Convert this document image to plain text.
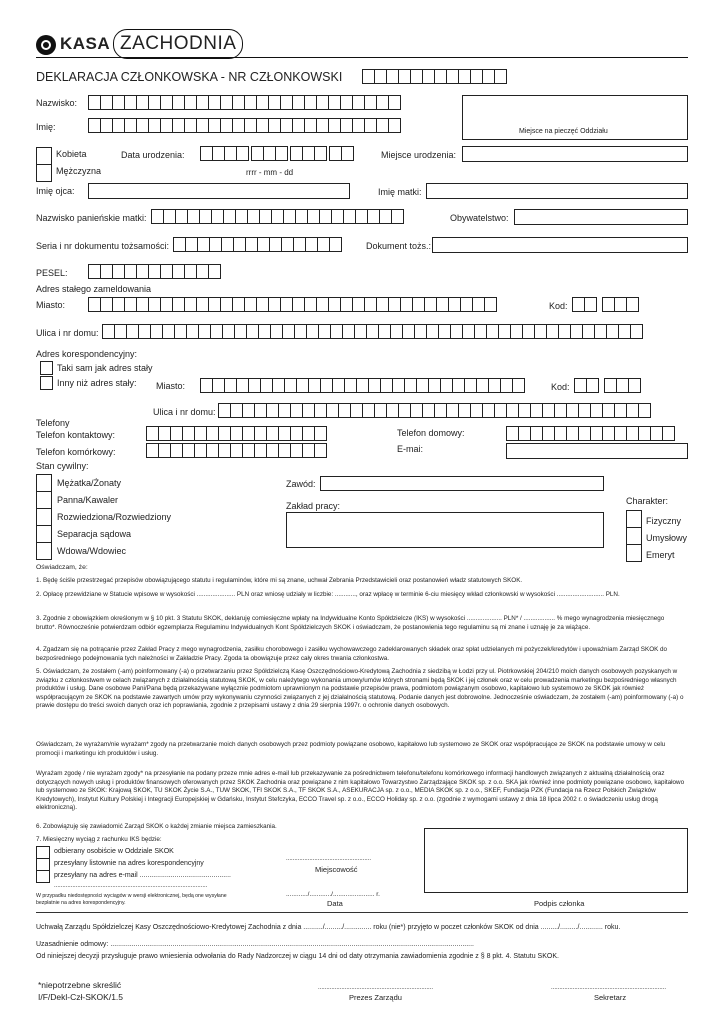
KASA ZACHODNIA
DEKLARACJA CZŁONKOWSKA - NR CZŁONKOWSKI
Miejsce na pieczęć Oddziału
Nazwisko:
Imię:
Kobieta
Mężczyzna
Data urodzenia:
rrrr - mm - dd
Miejsce urodzenia:
Imię ojca:	Imię matki:
Nazwisko panieńskie matki:	Obywatelstwo:
Seria i nr dokumentu tożsamości:	Dokument tożs.:
PESEL:
Adres stałego zameldowania
Miasto:	Kod:
Ulica i nr domu:
Adres korespondencyjny:
Taki sam jak adres stały
Inny niż adres stały: Miasto:	Kod:
Ulica i nr domu:
Telefony
Telefon kontaktowy:
Telefon komórkowy:
Telefon domowy:
E-mai:
Stan cywilny:
Mężatka/Żonaty
Panna/Kawaler
Rozwiedziona/Rozwiedziony
Separacja sądowa
Wdowa/Wdowiec
Zawód:
Zakład pracy:	Charakter:
Fizyczny
Umysłowy
Emeryt
Oświadczam, że:
1. Będę ściśle przestrzegać przepisów obowiązującego statutu i regulaminów, które mi są znane, uchwał Zebrania Przedstawicieli oraz postanowień władz statutowych SKOK.
2. Opłacę przewidziane w Statucie wpisowe w wysokości ...................... PLN oraz wniosę udziały w liczbie: ............, oraz wpłacę w terminie 6-ciu miesięcy wkład członkowski w wysokości ........................... PLN.
3. Zgodnie z obowiązkiem określonym w § 10 pkt. 3 Statutu SKOK, deklaruję comiesięczne wpłaty na Indywidualne Konto Spółdzielcze (IKS) w wysokości .................... PLN* / .................. % mego wynagrodzenia miesięcznego brutto*. Równocześnie potwierdzam odbiór egzemplarza Regulaminu Indywidualnych Kont Spółdzielczych SKOK i oświadczam, że postanowienia tego regulaminu są mi znane i uznaję je za wiążące.
4. Zgadzam się na potrącanie przez Zakład Pracy z mego wynagrodzenia, zasiłku chorobowego i zasiłku wychowawczego zadeklarowanych składek oraz spłat udzielanych mi pożyczek/kredytów i upoważniam Zarząd SKOK do bezpośredniego podejmowania tych należności w Zakładzie Pracy. Zgoda ta obowiązuje przez cały okres trwania członkostwa.
5. Oświadczam, że zostałem (-am) poinformowany (-a) o przetwarzaniu przez Spółdzielczą Kasę Oszczędnościowo-Kredytową Zachodnia z siedzibą w Łodzi przy ul. Piotrkowskiej 204/210 moich danych osobowych pozyskanych w związku z członkostwem w celach związanych z działalnością statutową SKOK, w celu należytego wykonania umowy/umów których stronami będą SKOK i jej członek oraz w celu prowadzenia marketingu bezpośredniego własnych produktów i usług. Dane osobowe Pani/Pana będą przekazywane wyłącznie podmiotom uprawnionym na podstawie przepisów prawa, podmiotom powiązanym osobowo, kapitałowo lub systemowo ze SKOK jak również współpracującym ze SKOK na podstawie zawartych umów przy wykonywaniu czynności związanych z jej działalnością statutową. Podanie danych jest dobrowolne. Jednocześnie oświadczam, że zostałem (-am) poinformowany (-a) o prawie dostępu do treści swoich danych oraz ich poprawiania, zgodnie z przepisami ustawy z dnia 29 sierpnia 1997r. o ochronie danych osobowych.
Oświadczam, że wyrażam/nie wyrażam* zgody na przetwarzanie moich danych osobowych przez podmioty powiązane osobowo, kapitałowo lub systemowo ze SKOK oraz współpracujące ze SKOK na podstawie umowy w celu promocji i marketingu ich produktów i usług.
Wyrażam zgodę / nie wyrażam zgody* na przesyłanie na podany przeze mnie adres e-mail lub przekazywanie za pośrednictwem telefonu/telefonu komórkowego informacji handlowych związanych z aktualną działalnością oraz dotyczących nowych usług i produktów finansowych oferowanych przez SKOK Zachodnia oraz powiązane z nim kapitałowo Towarzystwo Zarządzające SKOK sp. z o.o. SKA jak również inne podmioty powiązane osobowo, kapitałowo lub systemowo ze SKOK: Krajową SKOK, TU SKOK Życie S.A., TUW SKOK, TFI SKOK S.A., TF SKOK S.A., ASEKURACJA sp. z o.o., MEDIA SKOK sp. z o.o., SKEF, Fundacja PZK (Fundacja na Rzecz Polskich Związków Kredytowych), Instytut Kultury Polskiej i Integracji Europejskiej w Gdańsku, Instytut Stefczyka, ECCO Travel sp. z o.o., ECCO Holiday sp. z o.o. (zgodnie z wymogami ustawy z dnia 18 lipca 2002 r. o świadczeniu usług drogą elektroniczną).
6. Zobowiązuję się zawiadomić Zarząd SKOK o każdej zmianie miejsca zamieszkania.
7. Miesięczny wyciąg z rachunku IKS będzie:
odbierany osobiście w Oddziale SKOK
przesyłany listownie na adres korespondencyjny
przesyłany na adres e-mail ...............................................
............................................................................................
W przypadku niedostępności wyciągów w wersji elektronicznej, będą one wysyłane bezpłatnie na adres korespondencyjny.
...................................................
Miejscowość
............/............/....................... r.
Data	Podpis członka
Uchwałą Zarządu Spółdzielczej Kasy Oszczędnościowo-Kredytowej Zachodnia z dnia ........../........./.............. roku (nie*) przyjęto w poczet członków SKOK od dnia ........./........./............ roku.
Uzasadnienie odmowy: ...........................................................................................................................................................................................
Od niniejszej decyzji przysługuje prawo wniesienia odwołania do Rady Nadzorczej w ciągu 14 dni od daty otrzymania zawiadomienia zgodnie z § 8 pkt. 4. Statutu SKOK.
*niepotrzebne skreślić
I/F/Dekl-Czł-SKOK/1.5
.....................................................................
Prezes Zarządu
.....................................................................
Sekretarz
